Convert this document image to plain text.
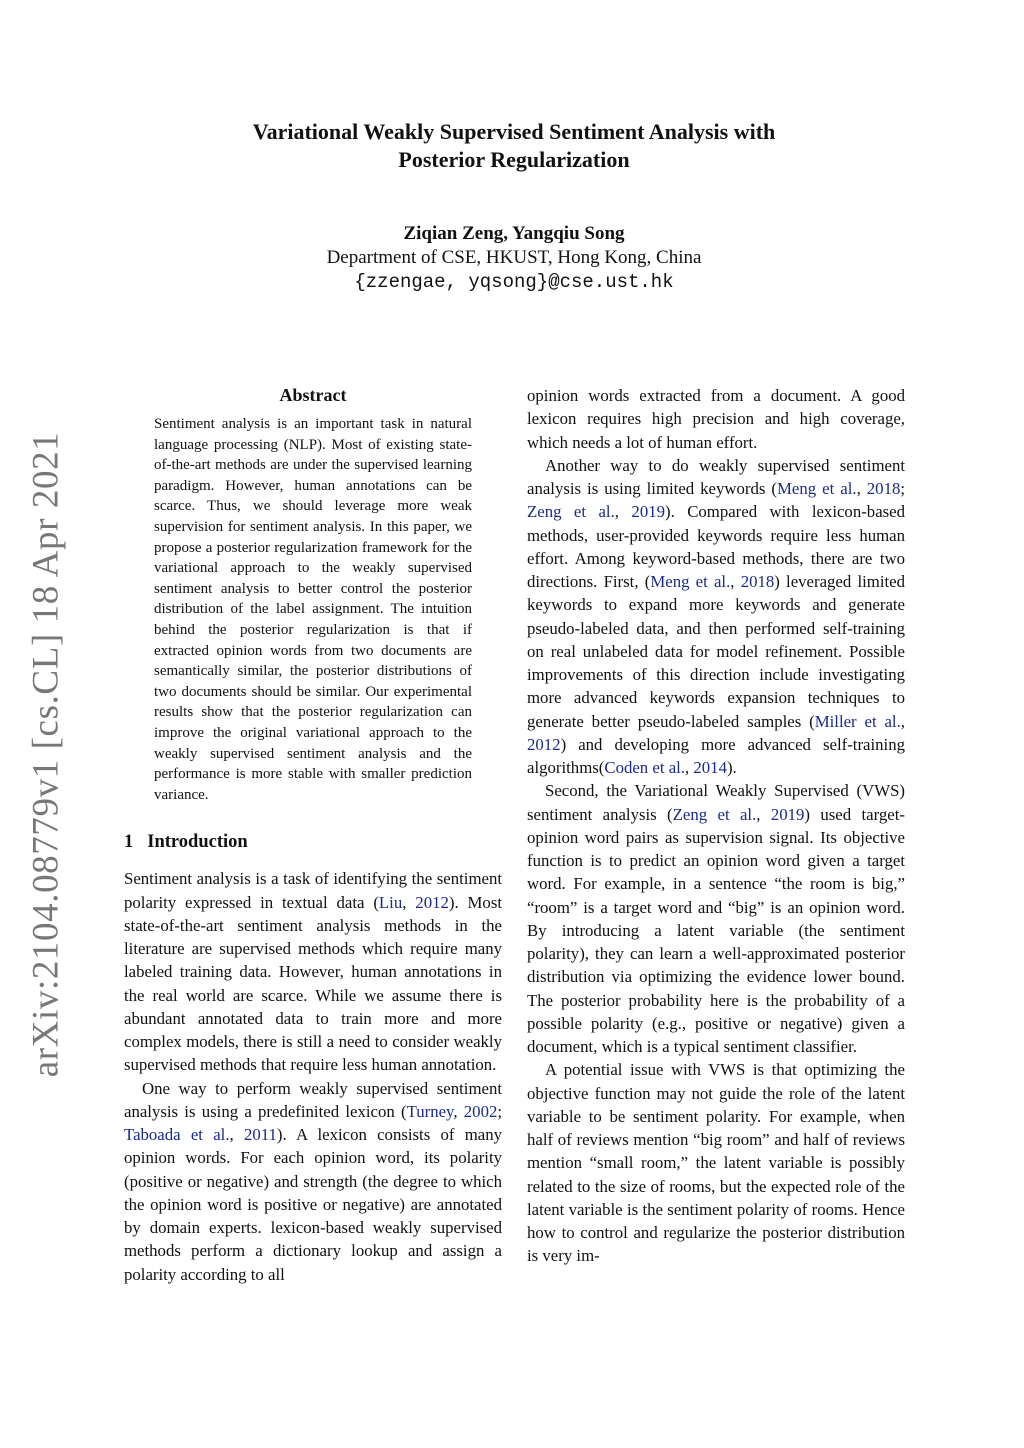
arXiv:2104.08779v1 [cs.CL] 18 Apr 2021

Variational Weakly Supervised Sentiment Analysis with

Posterior Regularization

Ziqian Zeng, Yangqiu Song
Department of CSE, HKUST, Hong Kong, China
{zzengae, yqsong}@cse.ust.hk
Abstract

Sentiment analysis is an important task in natural language processing (NLP). Most of existing state-of-the-art methods are under the supervised learning paradigm. However, human annotations can be scarce. Thus, we should leverage more weak supervision for sentiment analysis. In this paper, we propose a posterior regularization framework for the variational approach to the weakly supervised sentiment analysis to better control the posterior distribution of the label assignment. The intuition behind the posterior regularization is that if extracted opinion words from two documents are semantically similar, the posterior distributions of two documents should be similar. Our experimental results show that the posterior regularization can improve the original variational approach to the weakly supervised sentiment analysis and the performance is more stable with smaller prediction variance.

1 Introduction

Sentiment analysis is a task of identifying the sentiment polarity expressed in textual data (Liu, 2012). Most state-of-the-art sentiment analysis methods in the literature are supervised methods which require many labeled training data. However, human annotations in the real world are scarce. While we assume there is abundant annotated data to train more and more complex models, there is still a need to consider weakly supervised methods that require less human annotation.

One way to perform weakly supervised sentiment analysis is using a predefinited lexicon (Turney, 2002; Taboada et al., 2011). A lexicon consists of many opinion words. For each opinion word, its polarity (positive or negative) and strength (the degree to which the opinion word is positive or negative) are annotated by domain experts. lexicon-based weakly supervised methods perform a dictionary lookup and assign a polarity according to all

opinion words extracted from a document. A good lexicon requires high precision and high coverage, which needs a lot of human effort.

Another way to do weakly supervised sentiment analysis is using limited keywords (Meng et al., 2018; Zeng et al., 2019). Compared with lexicon-based methods, user-provided keywords require less human effort. Among keyword-based methods, there are two directions. First, (Meng et al., 2018) leveraged limited keywords to expand more keywords and generate pseudo-labeled data, and then performed self-training on real unlabeled data for model refinement. Possible improvements of this direction include investigating more advanced keywords expansion techniques to generate better pseudo-labeled samples (Miller et al., 2012) and developing more advanced self-training algorithms(Coden et al., 2014).

Second, the Variational Weakly Supervised (VWS) sentiment analysis (Zeng et al., 2019) used target-opinion word pairs as supervision signal. Its objective function is to predict an opinion word given a target word. For example, in a sentence “the room is big,” “room” is a target word and “big” is an opinion word. By introducing a latent variable (the sentiment polarity), they can learn a well-approximated posterior distribution via optimizing the evidence lower bound. The posterior probability here is the probability of a possible polarity (e.g., positive or negative) given a document, which is a typical sentiment classifier.

A potential issue with VWS is that optimizing the objective function may not guide the role of the latent variable to be sentiment polarity. For example, when half of reviews mention “big room” and half of reviews mention “small room,” the latent variable is possibly related to the size of rooms, but the expected role of the latent variable is the sentiment polarity of rooms. Hence how to control and regularize the posterior distribution is very im-
